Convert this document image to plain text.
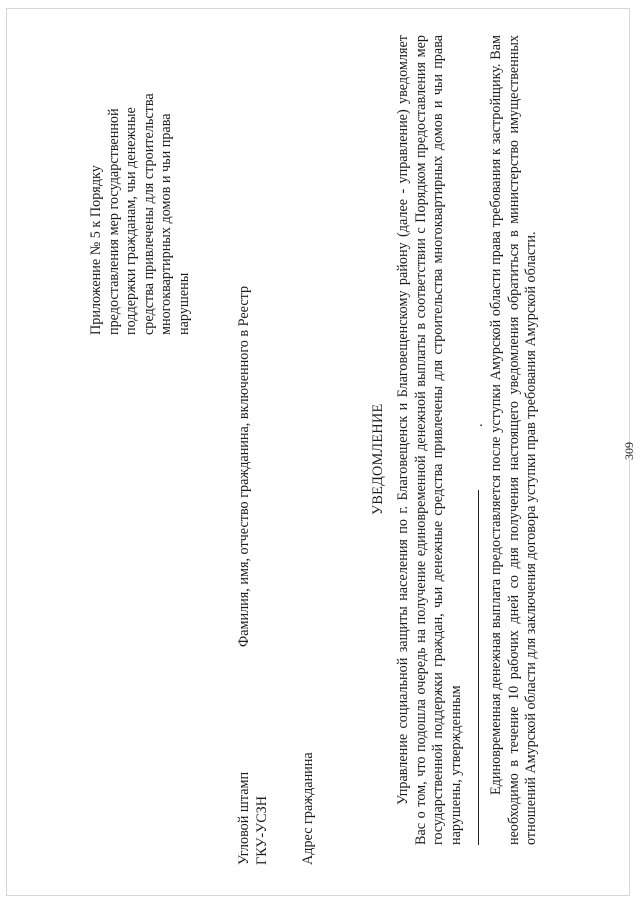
309
Приложение № 5 к Порядку предоставления мер государственной поддержки гражданам, чьи денежные средства привлечены для строительства многоквартирных домов и чьи права нарушены
Угловой штамп ГКУ-УСЗН
Фамилия, имя, отчество гражданина, включенного в Реестр
Адрес гражданина
УВЕДОМЛЕНИЕ Управление социальной защиты населения по г. Благовещенск и Благовещенскому району (далее - управление) уведомляет Вас о том, что подошла очередь на получение единовременной денежной выплаты в соответствии с Порядком предоставления мер государственной поддержки граждан, чьи денежные средства привлечены для строительства многоквартирных домов и чьи права нарушены, утвержденным

. Единовременная денежная выплата предоставляется после уступки Амурской области права требования к застройщику. Вам необходимо в течение 10 рабочих дней со дня получения настоящего уведомления обратиться в министерство имущественных отношений Амурской области для заключения договора уступки прав требования Амурской области.
